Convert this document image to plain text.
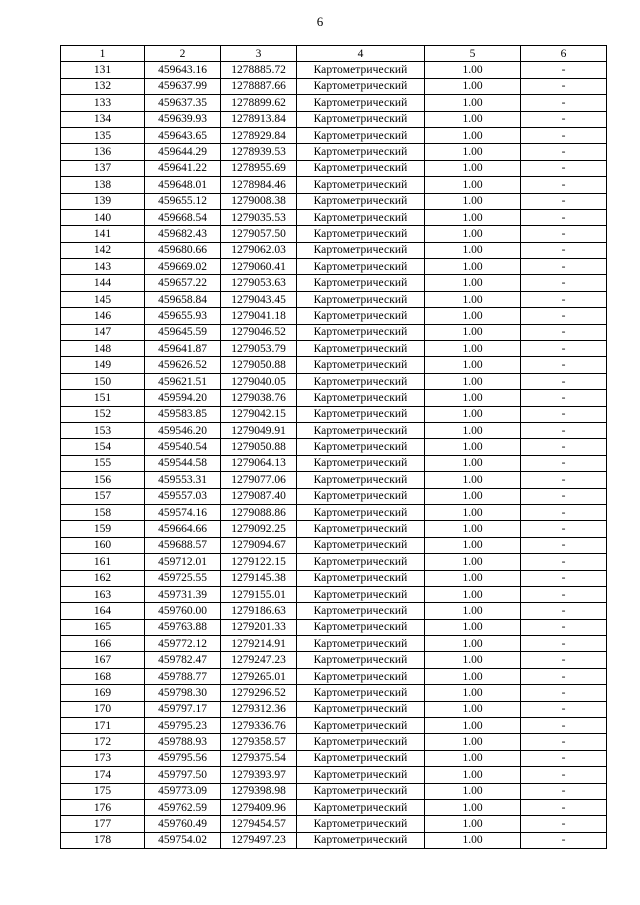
6
1	2	3	4	5	6
131	459643.16	1278885.72	Картометрический	1.00	-
132	459637.99	1278887.66	Картометрический	1.00	-
133	459637.35	1278899.62	Картометрический	1.00	-
134	459639.93	1278913.84	Картометрический	1.00	-
135	459643.65	1278929.84	Картометрический	1.00	-
136	459644.29	1278939.53	Картометрический	1.00	-
137	459641.22	1278955.69	Картометрический	1.00	-
138	459648.01	1278984.46	Картометрический	1.00	-
139	459655.12	1279008.38	Картометрический	1.00	-
140	459668.54	1279035.53	Картометрический	1.00	-
141	459682.43	1279057.50	Картометрический	1.00	-
142	459680.66	1279062.03	Картометрический	1.00	-
143	459669.02	1279060.41	Картометрический	1.00	-
144	459657.22	1279053.63	Картометрический	1.00	-
145	459658.84	1279043.45	Картометрический	1.00	-
146	459655.93	1279041.18	Картометрический	1.00	-
147	459645.59	1279046.52	Картометрический	1.00	-
148	459641.87	1279053.79	Картометрический	1.00	-
149	459626.52	1279050.88	Картометрический	1.00	-
150	459621.51	1279040.05	Картометрический	1.00	-
151	459594.20	1279038.76	Картометрический	1.00	-
152	459583.85	1279042.15	Картометрический	1.00	-
153	459546.20	1279049.91	Картометрический	1.00	-
154	459540.54	1279050.88	Картометрический	1.00	-
155	459544.58	1279064.13	Картометрический	1.00	-
156	459553.31	1279077.06	Картометрический	1.00	-
157	459557.03	1279087.40	Картометрический	1.00	-
158	459574.16	1279088.86	Картометрический	1.00	-
159	459664.66	1279092.25	Картометрический	1.00	-
160	459688.57	1279094.67	Картометрический	1.00	-
161	459712.01	1279122.15	Картометрический	1.00	-
162	459725.55	1279145.38	Картометрический	1.00	-
163	459731.39	1279155.01	Картометрический	1.00	-
164	459760.00	1279186.63	Картометрический	1.00	-
165	459763.88	1279201.33	Картометрический	1.00	-
166	459772.12	1279214.91	Картометрический	1.00	-
167	459782.47	1279247.23	Картометрический	1.00	-
168	459788.77	1279265.01	Картометрический	1.00	-
169	459798.30	1279296.52	Картометрический	1.00	-
170	459797.17	1279312.36	Картометрический	1.00	-
171	459795.23	1279336.76	Картометрический	1.00	-
172	459788.93	1279358.57	Картометрический	1.00	-
173	459795.56	1279375.54	Картометрический	1.00	-
174	459797.50	1279393.97	Картометрический	1.00	-
175	459773.09	1279398.98	Картометрический	1.00	-
176	459762.59	1279409.96	Картометрический	1.00	-
177	459760.49	1279454.57	Картометрический	1.00	-
178	459754.02	1279497.23	Картометрический	1.00	-
